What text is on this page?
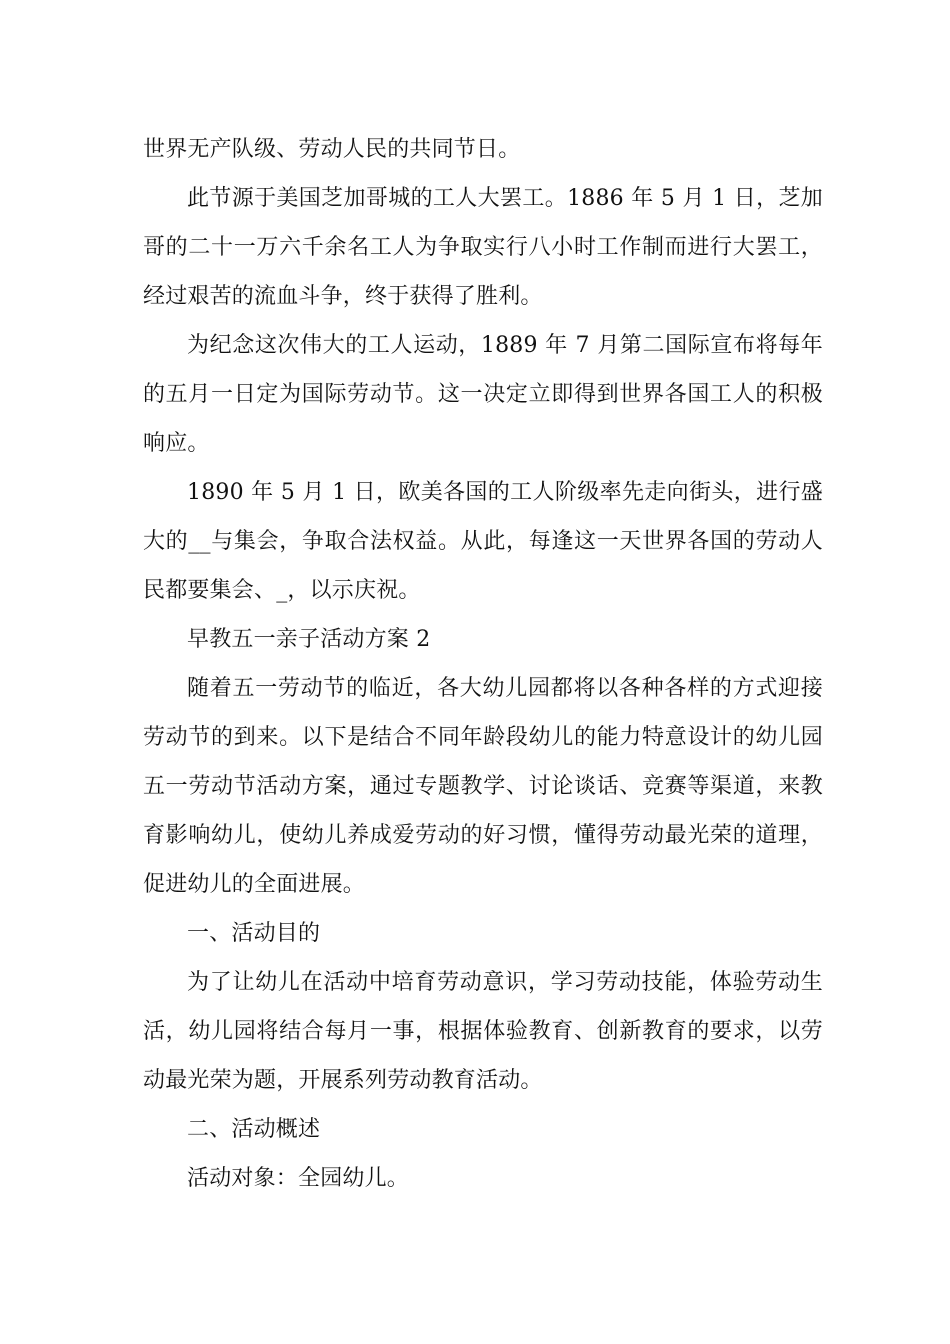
世界无产队级、劳动人民的共同节日。

此节源于美国芝加哥城的工人大罢工。1886 年 5 月 1 日，芝加哥的二十一万六千余名工人为争取实行八小时工作制而进行大罢工，经过艰苦的流血斗争，终于获得了胜利。

为纪念这次伟大的工人运动，1889 年 7 月第二国际宣布将每年的五月一日定为国际劳动节。这一决定立即得到世界各国工人的积极响应。

1890 年 5 月 1 日，欧美各国的工人阶级率先走向街头，进行盛大的__与集会，争取合法权益。从此，每逢这一天世界各国的劳动人民都要集会、_，以示庆祝。

早教五一亲子活动方案 2

随着五一劳动节的临近，各大幼儿园都将以各种各样的方式迎接劳动节的到来。以下是结合不同年龄段幼儿的能力特意设计的幼儿园五一劳动节活动方案，通过专题教学、讨论谈话、竞赛等渠道，来教育影响幼儿，使幼儿养成爱劳动的好习惯，懂得劳动最光荣的道理，促进幼儿的全面进展。

一、活动目的

为了让幼儿在活动中培育劳动意识，学习劳动技能，体验劳动生活，幼儿园将结合每月一事，根据体验教育、创新教育的要求，以劳动最光荣为题，开展系列劳动教育活动。

二、活动概述

活动对象：全园幼儿。
